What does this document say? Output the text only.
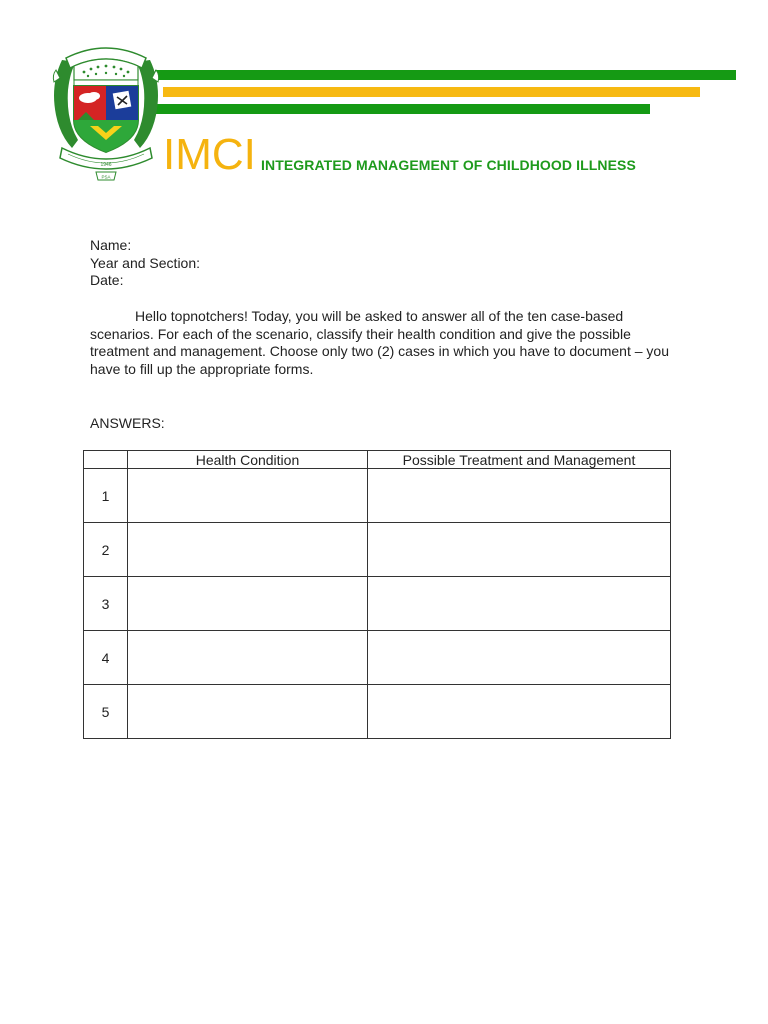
1946
PSA IMCI INTEGRATED MANAGEMENT OF CHILDHOOD ILLNESS
Name:
Year and Section:
Date:
Hello topnotchers! Today, you will be asked to answer all of the ten case-based scenarios. For each of the scenario, classify their health condition and give the possible treatment and management. Choose only two (2) cases in which you have to document – you have to fill up the appropriate forms.
ANSWERS:
	Health Condition	Possible Treatment and Management
1		
2		
3		
4		
5		
